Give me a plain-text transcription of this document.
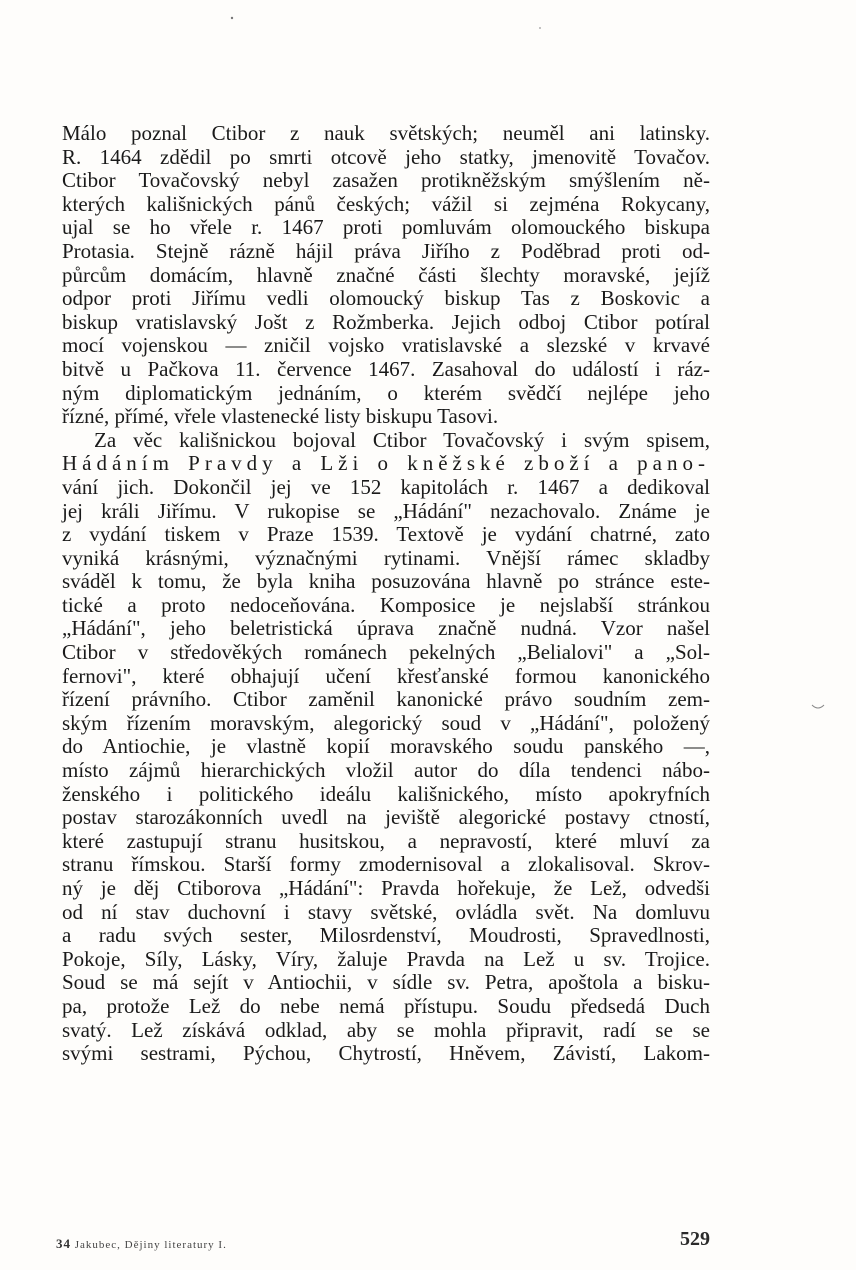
Málo poznal Ctibor z nauk světských; neuměl ani latinsky.
R. 1464 zdědil po smrti otcově jeho statky, jmenovitě Tovačov.
Ctibor Tovačovský nebyl zasažen protikněžským smýšlením ně-
kterých kališnických pánů českých; vážil si zejména Rokycany,
ujal se ho vřele r. 1467 proti pomluvám olomouckého biskupa
Protasia. Stejně rázně hájil práva Jiřího z Poděbrad proti od-
půrcům domácím, hlavně značné části šlechty moravské, jejíž
odpor proti Jiřímu vedli olomoucký biskup Tas z Boskovic a
biskup vratislavský Jošt z Rožmberka. Jejich odboj Ctibor potíral
mocí vojenskou — zničil vojsko vratislavské a slezské v krvavé
bitvě u Pačkova 11. července 1467. Zasahoval do událostí i ráz-
ným diplomatickým jednáním, o kterém svědčí nejlépe jeho
řízné, přímé, vřele vlastenecké listy biskupu Tasovi.
Za věc kališnickou bojoval Ctibor Tovačovský i svým spisem,
Hádáním Pravdy a Lži o kněžské zboží a pano-
vání jich. Dokončil jej ve 152 kapitolách r. 1467 a dedikoval
jej králi Jiřímu. V rukopise se „Hádání" nezachovalo. Známe je
z vydání tiskem v Praze 1539. Textově je vydání chatrné, zato
vyniká krásnými, význačnými rytinami. Vnější rámec skladby
sváděl k tomu, že byla kniha posuzována hlavně po stránce este-
tické a proto nedoceňována. Komposice je nejslabší stránkou
„Hádání", jeho beletristická úprava značně nudná. Vzor našel
Ctibor v středověkých románech pekelných „Belialovi" a „Sol-
fernovi", které obhajují učení křesťanské formou kanonického
řízení právního. Ctibor zaměnil kanonické právo soudním zem-
ským řízením moravským, alegorický soud v „Hádání", položený
do Antiochie, je vlastně kopií moravského soudu panského —,
místo zájmů hierarchických vložil autor do díla tendenci nábo-
ženského i politického ideálu kališnického, místo apokryfních
postav starozákonních uvedl na jeviště alegorické postavy ctností,
které zastupují stranu husitskou, a nepravostí, které mluví za
stranu římskou. Starší formy zmodernisoval a zlokalisoval. Skrov-
ný je děj Ctiborova „Hádání": Pravda hořekuje, že Lež, odvedši
od ní stav duchovní i stavy světské, ovládla svět. Na domluvu
a radu svých sester, Milosrdenství, Moudrosti, Spravedlnosti,
Pokoje, Síly, Lásky, Víry, žaluje Pravda na Lež u sv. Trojice.
Soud se má sejít v Antiochii, v sídle sv. Petra, apoštola a bisku-
pa, protože Lež do nebe nemá přístupu. Soudu předsedá Duch
svatý. Lež získává odklad, aby se mohla připravit, radí se se
svými sestrami, Pýchou, Chytrostí, Hněvem, Závistí, Lakom-
34 Jakubec, Dějiny literatury I.	529
